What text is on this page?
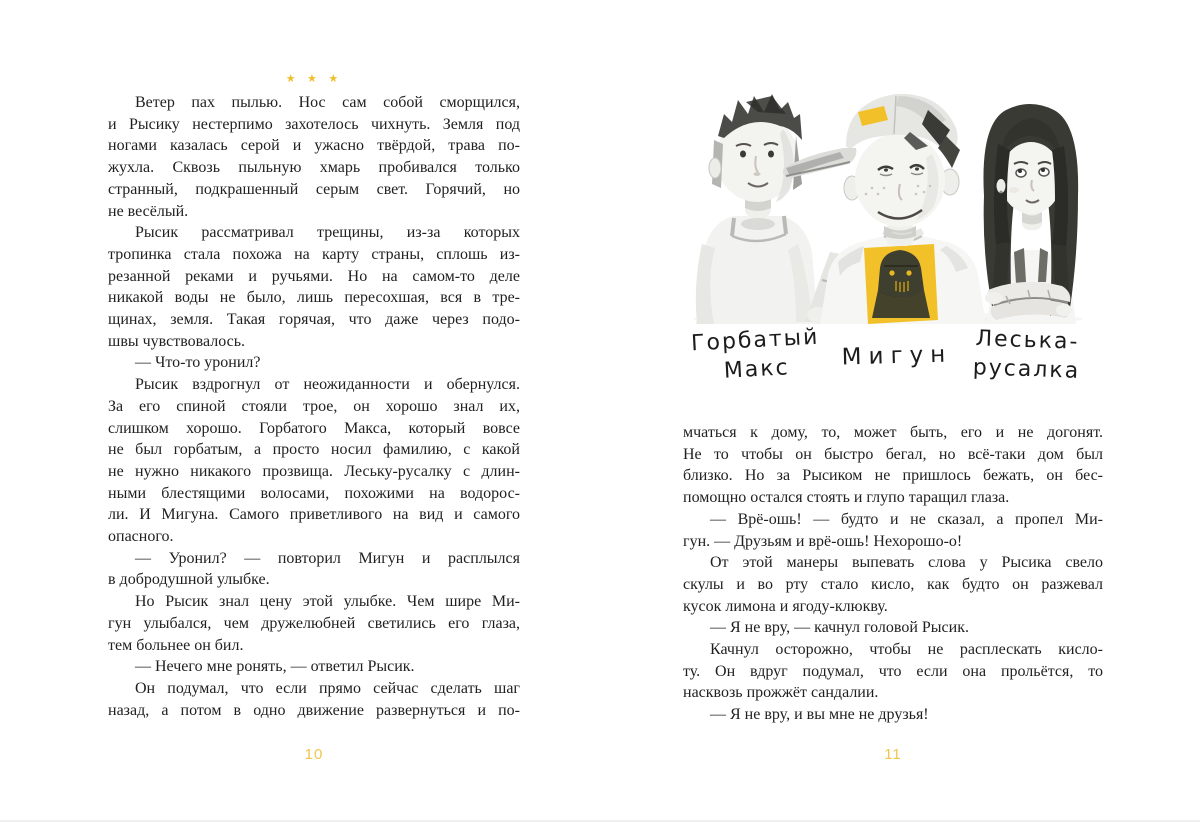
★ ★ ★
Ветер пах пылью. Нос сам собой сморщился,
и Рысику нестерпимо захотелось чихнуть. Земля под
ногами казалась серой и ужасно твёрдой, трава по-
жухла. Сквозь пыльную хмарь пробивался только
странный, подкрашенный серым свет. Горячий, но
не весёлый.
Рысик рассматривал трещины, из-за которых
тропинка стала похожа на карту страны, сплошь из-
резанной реками и ручьями. Но на самом-то деле
никакой воды не было, лишь пересохшая, вся в тре-
щинах, земля. Такая горячая, что даже через подо-
швы чувствовалось.
— Что-то уронил?
Рысик вздрогнул от неожиданности и обернулся.
За его спиной стояли трое, он хорошо знал их,
слишком хорошо. Горбатого Макса, который вовсе
не был горбатым, а просто носил фамилию, с какой
не нужно никакого прозвища. Леську-русалку с длин-
ными блестящими волосами, похожими на водорос-
ли. И Мигуна. Самого приветливого на вид и самого
опасного.
— Уронил? — повторил Мигун и расплылся
в добродушной улыбке.
Но Рысик знал цену этой улыбке. Чем шире Ми-
гун улыбался, чем дружелюбней светились его глаза,
тем больнее он бил.
— Нечего мне ронять, — ответил Рысик.
Он подумал, что если прямо сейчас сделать шаг
назад, а потом в одно движение развернуться и по-
10
Горбатый
Макс	Мигун
Леська-
русалка
мчаться к дому, то, может быть, его и не догонят.
Не то чтобы он быстро бегал, но всё-таки дом был
близко. Но за Рысиком не пришлось бежать, он бес-
помощно остался стоять и глупо таращил глаза.
— Врё-ошь! — будто и не сказал, а пропел Ми-
гун. — Друзьям и врё-ошь! Нехорошо-о!
От этой манеры выпевать слова у Рысика свело
скулы и во рту стало кисло, как будто он разжевал
кусок лимона и ягоду-клюкву.
— Я не вру, — качнул головой Рысик.
Качнул осторожно, чтобы не расплескать кисло-
ту. Он вдруг подумал, что если она прольётся, то
насквозь прожжёт сандалии.
— Я не вру, и вы мне не друзья!
11
